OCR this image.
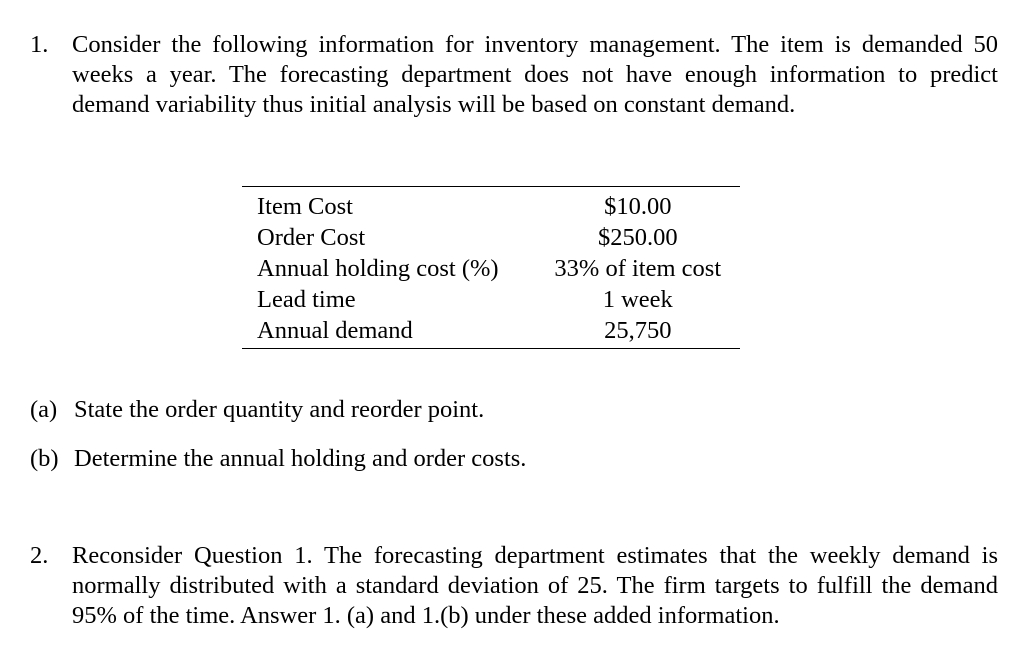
1. Consider the following information for inventory management. The item is demanded 50 weeks a year. The forecasting department does not have enough information to predict demand variability thus initial analysis will be based on constant demand.
Item Cost	$10.00
Order Cost	$250.00
Annual holding cost (%)	33% of item cost
Lead time	1 week
Annual demand	25,750
(a) State the order quantity and reorder point.
(b) Determine the annual holding and order costs.
2. Reconsider Question 1. The forecasting department estimates that the weekly demand is normally distributed with a standard deviation of 25. The firm targets to fulfill the demand 95% of the time. Answer 1. (a) and 1.(b) under these added information.
